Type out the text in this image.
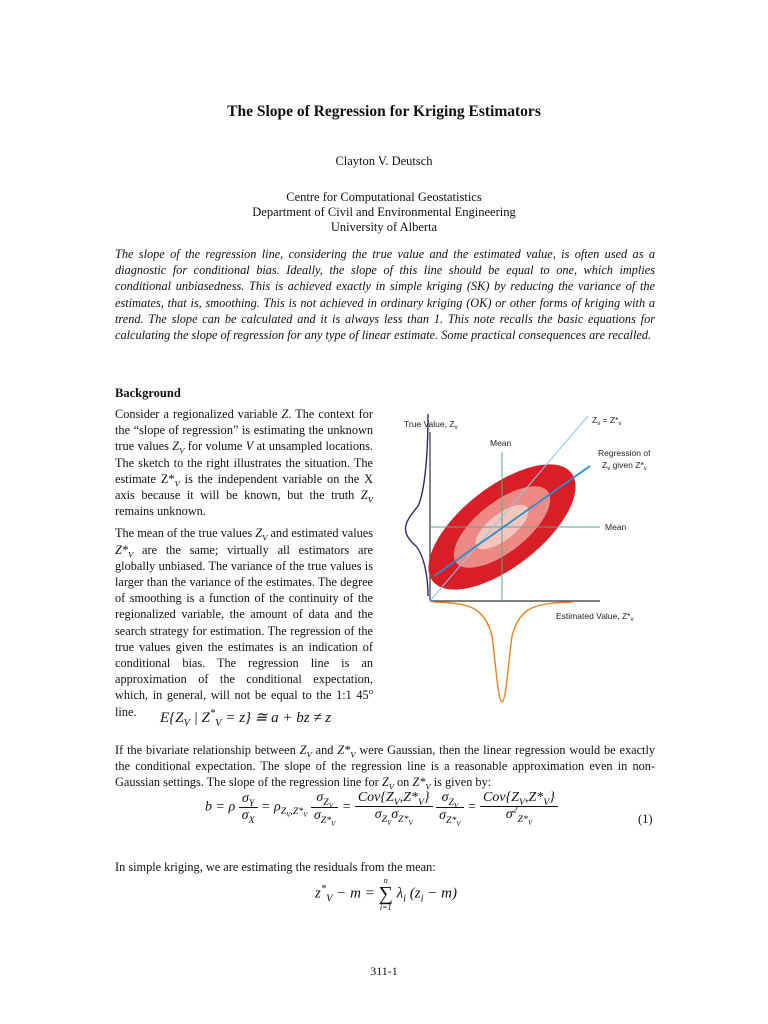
The Slope of Regression for Kriging Estimators
Clayton V. Deutsch
Centre for Computational Geostatistics
Department of Civil and Environmental Engineering
University of Alberta
The slope of the regression line, considering the true value and the estimated value, is often used as a diagnostic for conditional bias. Ideally, the slope of this line should be equal to one, which implies conditional unbiasedness. This is achieved exactly in simple kriging (SK) by reducing the variance of the estimates, that is, smoothing. This is not achieved in ordinary kriging (OK) or other forms of kriging with a trend. The slope can be calculated and it is always less than 1. This note recalls the basic equations for calculating the slope of regression for any type of linear estimate. Some practical consequences are recalled.
Background

Consider a regionalized variable Z. The context for the “slope of regression” is estimating the unknown true values $Z_V$ for volume V at unsampled locations. The sketch to the right illustrates the situation. The estimate $Z*_V$ is the independent variable on the X axis because it will be known, but the truth $Z_V$ remains unknown.

The mean of the true values $Z_V$ and estimated values $Z*_V$ are the same; virtually all estimators are globally unbiased. The variance of the true values is larger than the variance of the estimates. The degree of smoothing is a function of the continuity of the regionalized variable, the amount of data and the search strategy for estimation. The regression of the true values given the estimates is an indication of conditional bias. The regression line is an approximation of the conditional expectation, which, in general, will not be equal to the 1:1 45$^o$ line.	$E\{Z_V$ | $Z^*_V = z$} ≅ a + bz ≠ z
True Value, $Z_v$
$Z_v = Z*_v$
Mean
Regression of
$Z_v$ given $Z*_v$
Mean
Estimated Value, $Z*_v$

If the bivariate relationship between $Z_V$ and $Z*_V$ were Gaussian, then the linear regression would be exactly the conditional expectation. The slope of the regression line is a reasonable approximation even in non-Gaussian settings. The slope of the regression line for $Z_V$ on $Z*_V$ is given by:

b = ρ $\frac{\sigma_Y}{\sigma_X} = \rho_{Z_V,Z*_V} \frac{\sigma_{Z_V}}{\sigma_{Z*_V}} = \frac{Cov\{Z_V,Z*_V\}}{\sigma_{Z_V}\sigma_{Z*_V}}$
$\frac{\sigma_{Z_V}}{\sigma_{Z*_V}} = \frac{Cov\{Z_V,Z*_V\}}{\sigma^2_{Z*_V}}$	(1)
In simple kriging, we are estimating the residuals from the mean:
$z^*_V - m$ =
n
∑
i=1
$\lambda_i$ $(z_i - m)$
311-1
